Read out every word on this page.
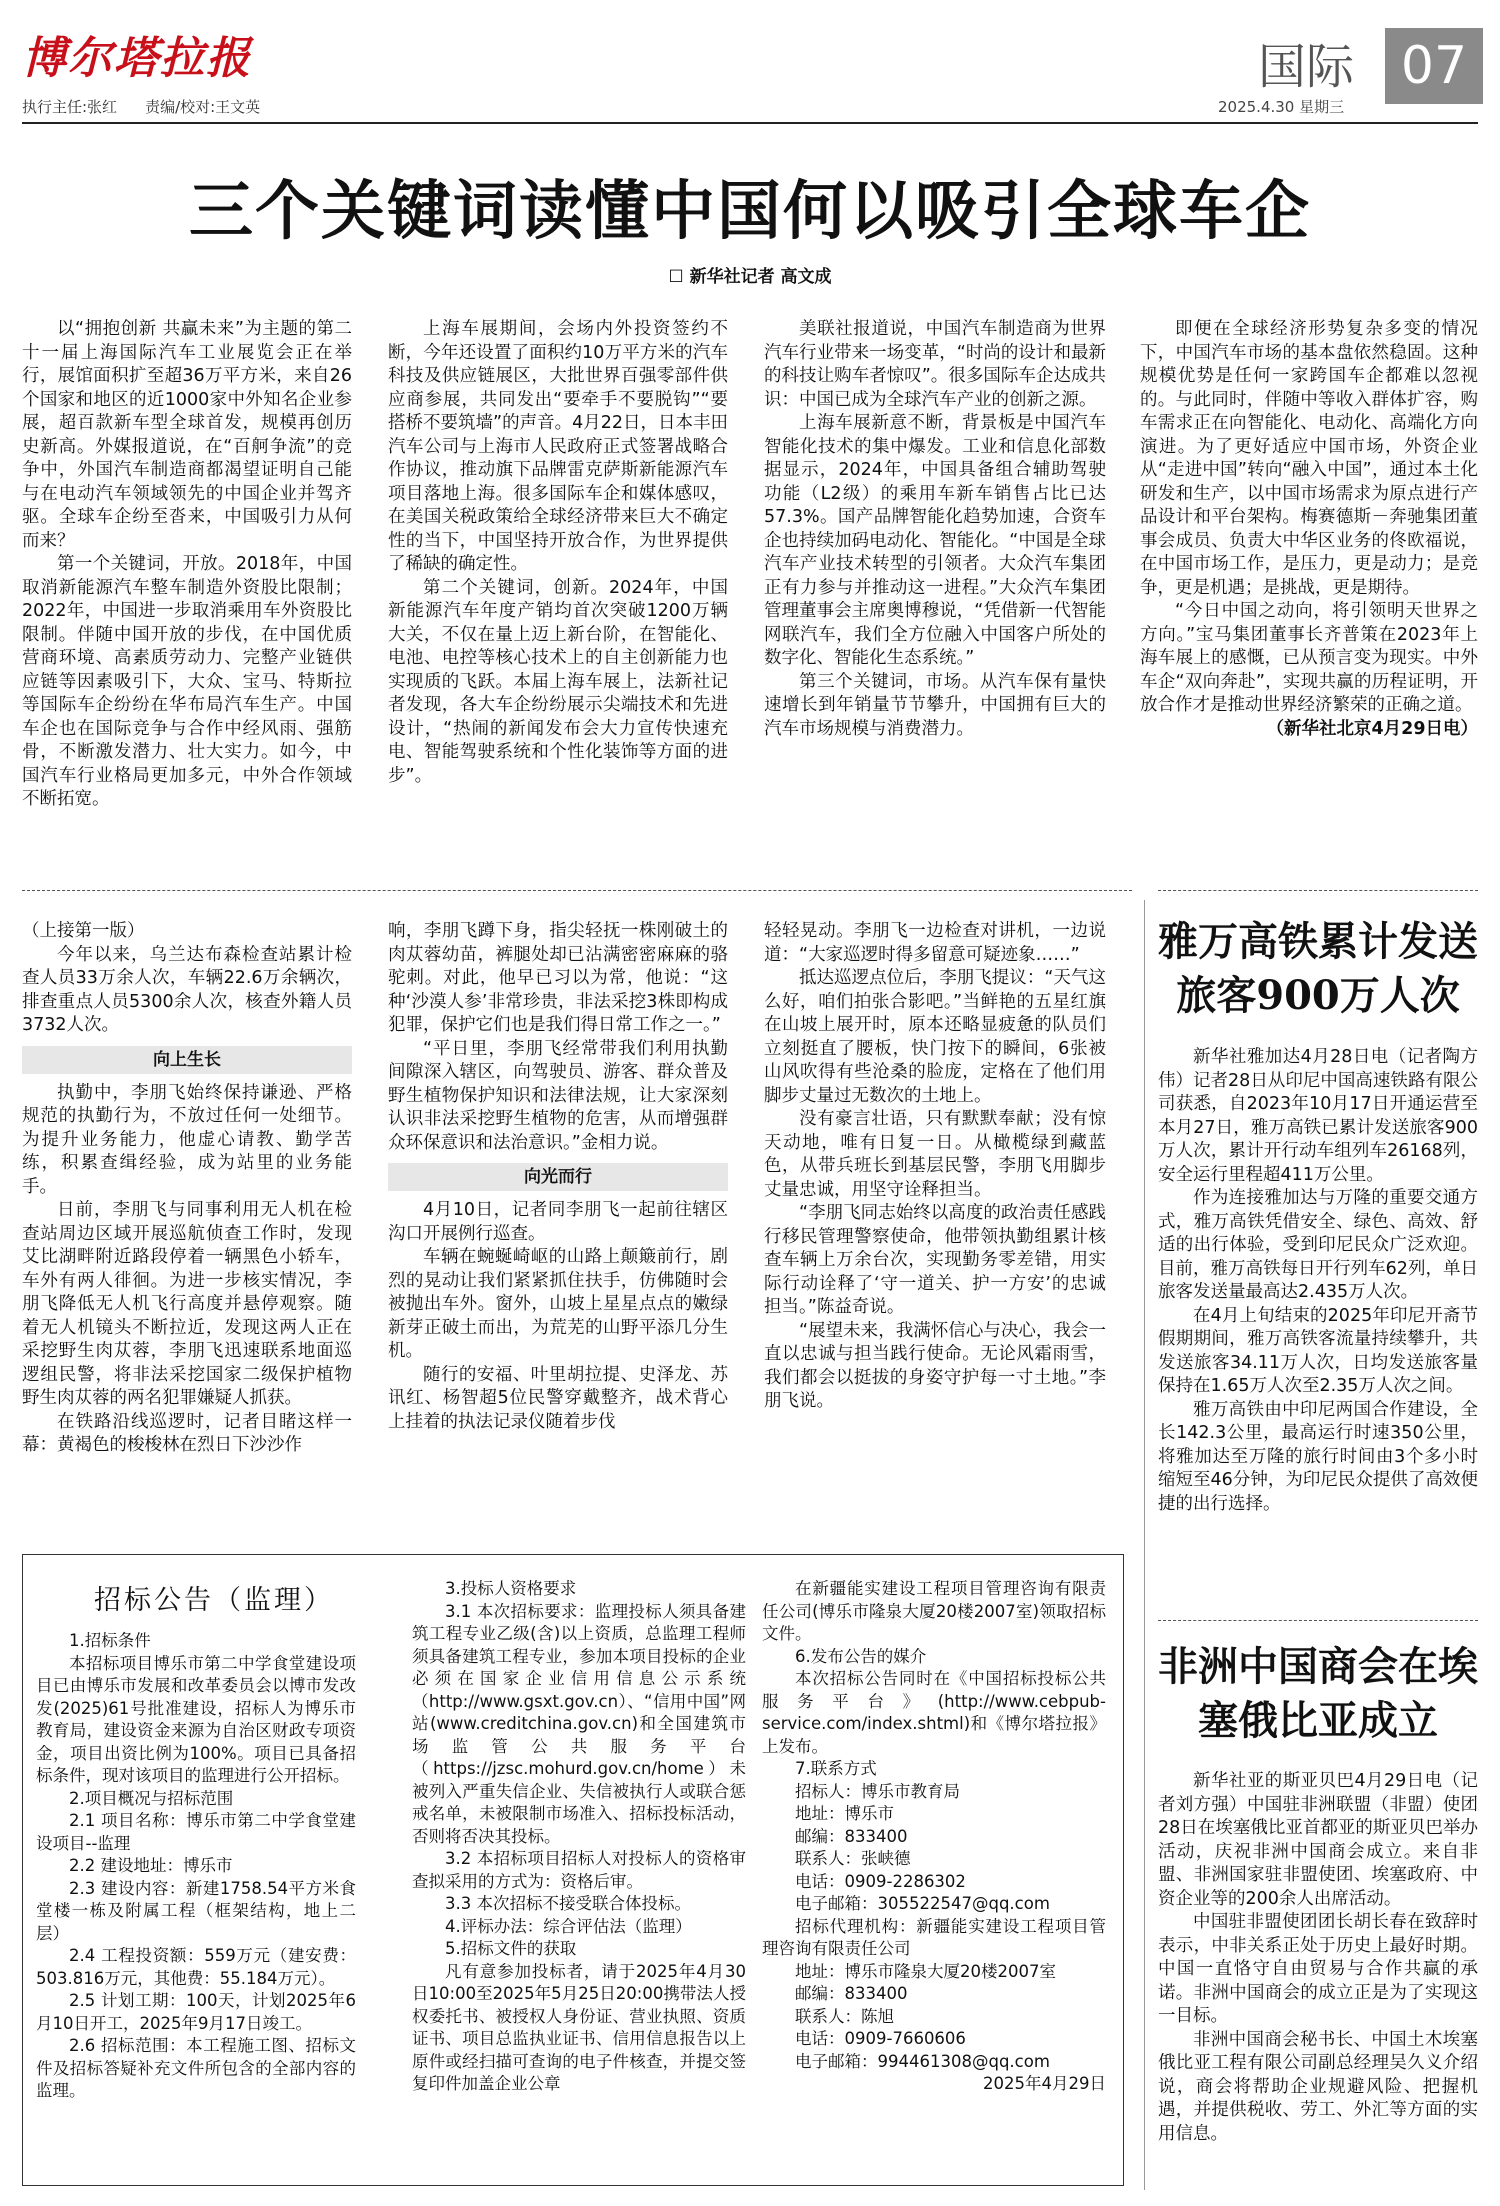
博尔塔拉报
执行主任:张红 责编/校对:王文英
国际 07
2025.4.30 星期三
三个关键词读懂中国何以吸引全球车企
☐ 新华社记者 高文成

以“拥抱创新 共赢未来”为主题的第二十一届上海国际汽车工业展览会正在举行，展馆面积扩至超36万平方米，来自26个国家和地区的近1000家中外知名企业参展，超百款新车型全球首发，规模再创历史新高。外媒报道说，在“百舸争流”的竞争中，外国汽车制造商都渴望证明自己能与在电动汽车领域领先的中国企业并驾齐驱。全球车企纷至沓来，中国吸引力从何而来？

第一个关键词，开放。2018年，中国取消新能源汽车整车制造外资股比限制；2022年，中国进一步取消乘用车外资股比限制。伴随中国开放的步伐，在中国优质营商环境、高素质劳动力、完整产业链供应链等因素吸引下，大众、宝马、特斯拉等国际车企纷纷在华布局汽车生产。中国车企也在国际竞争与合作中经风雨、强筋骨，不断激发潜力、壮大实力。如今，中国汽车行业格局更加多元，中外合作领域不断拓宽。

上海车展期间，会场内外投资签约不断，今年还设置了面积约10万平方米的汽车科技及供应链展区，大批世界百强零部件供应商参展，共同发出“要牵手不要脱钩”“要搭桥不要筑墙”的声音。4月22日，日本丰田汽车公司与上海市人民政府正式签署战略合作协议，推动旗下品牌雷克萨斯新能源汽车项目落地上海。很多国际车企和媒体感叹，在美国关税政策给全球经济带来巨大不确定性的当下，中国坚持开放合作，为世界提供了稀缺的确定性。

第二个关键词，创新。2024年，中国新能源汽车年度产销均首次突破1200万辆大关，不仅在量上迈上新台阶，在智能化、电池、电控等核心技术上的自主创新能力也实现质的飞跃。本届上海车展上，法新社记者发现，各大车企纷纷展示尖端技术和先进设计，“热闹的新闻发布会大力宣传快速充电、智能驾驶系统和个性化装饰等方面的进步”。

美联社报道说，中国汽车制造商为世界汽车行业带来一场变革，“时尚的设计和最新的科技让购车者惊叹”。很多国际车企达成共识：中国已成为全球汽车产业的创新之源。

上海车展新意不断，背景板是中国汽车智能化技术的集中爆发。工业和信息化部数据显示，2024年，中国具备组合辅助驾驶功能（L2级）的乘用车新车销售占比已达57.3%。国产品牌智能化趋势加速，合资车企也持续加码电动化、智能化。“中国是全球汽车产业技术转型的引领者。大众汽车集团正有力参与并推动这一进程。”大众汽车集团管理董事会主席奥博穆说，“凭借新一代智能网联汽车，我们全方位融入中国客户所处的数字化、智能化生态系统。”

第三个关键词，市场。从汽车保有量快速增长到年销量节节攀升，中国拥有巨大的汽车市场规模与消费潜力。

即便在全球经济形势复杂多变的情况下，中国汽车市场的基本盘依然稳固。这种规模优势是任何一家跨国车企都难以忽视的。与此同时，伴随中等收入群体扩容，购车需求正在向智能化、电动化、高端化方向演进。为了更好适应中国市场，外资企业从“走进中国”转向“融入中国”，通过本土化研发和生产，以中国市场需求为原点进行产品设计和平台架构。梅赛德斯－奔驰集团董事会成员、负责大中华区业务的佟欧福说，在中国市场工作，是压力，更是动力；是竞争，更是机遇；是挑战，更是期待。

“今日中国之动向，将引领明天世界之方向。”宝马集团董事长齐普策在2023年上海车展上的感慨，已从预言变为现实。中外车企“双向奔赴”，实现共赢的历程证明，开放合作才是推动世界经济繁荣的正确之道。

（新华社北京4月29日电）

（上接第一版）

今年以来，乌兰达布森检查站累计检查人员33万余人次，车辆22.6万余辆次，排查重点人员5300余人次，核查外籍人员3732人次。

向上生长

执勤中，李朋飞始终保持谦逊、严格规范的执勤行为，不放过任何一处细节。为提升业务能力，他虚心请教、勤学苦练，积累查缉经验，成为站里的业务能手。

日前，李朋飞与同事利用无人机在检查站周边区域开展巡航侦查工作时，发现艾比湖畔附近路段停着一辆黑色小轿车，车外有两人徘徊。为进一步核实情况，李朋飞降低无人机飞行高度并悬停观察。随着无人机镜头不断拉近，发现这两人正在采挖野生肉苁蓉，李朋飞迅速联系地面巡逻组民警，将非法采挖国家二级保护植物野生肉苁蓉的两名犯罪嫌疑人抓获。

在铁路沿线巡逻时，记者目睹这样一幕：黄褐色的梭梭林在烈日下沙沙作

响，李朋飞蹲下身，指尖轻抚一株刚破土的肉苁蓉幼苗，裤腿处却已沾满密密麻麻的骆驼刺。对此，他早已习以为常，他说：“这种‘沙漠人参’非常珍贵，非法采挖3株即构成犯罪，保护它们也是我们得日常工作之一。”

“平日里，李朋飞经常带我们利用执勤间隙深入辖区，向驾驶员、游客、群众普及野生植物保护知识和法律法规，让大家深刻认识非法采挖野生植物的危害，从而增强群众环保意识和法治意识。”金相力说。

向光而行

4月10日，记者同李朋飞一起前往辖区沟口开展例行巡查。

车辆在蜿蜒崎岖的山路上颠簸前行，剧烈的晃动让我们紧紧抓住扶手，仿佛随时会被抛出车外。窗外，山坡上星星点点的嫩绿新芽正破土而出，为荒芜的山野平添几分生机。

随行的安福、叶里胡拉提、史泽龙、苏讯红、杨智超5位民警穿戴整齐，战术背心上挂着的执法记录仪随着步伐

轻轻晃动。李朋飞一边检查对讲机，一边说道：“大家巡逻时得多留意可疑迹象……”

抵达巡逻点位后，李朋飞提议：“天气这么好，咱们拍张合影吧。”当鲜艳的五星红旗在山坡上展开时，原本还略显疲惫的队员们立刻挺直了腰板，快门按下的瞬间，6张被山风吹得有些沧桑的脸庞，定格在了他们用脚步丈量过无数次的土地上。

没有豪言壮语，只有默默奉献；没有惊天动地，唯有日复一日。从橄榄绿到藏蓝色，从带兵班长到基层民警，李朋飞用脚步丈量忠诚，用坚守诠释担当。

“李朋飞同志始终以高度的政治责任感践行移民管理警察使命，他带领执勤组累计核查车辆上万余台次，实现勤务零差错，用实际行动诠释了‘守一道关、护一方安’的忠诚担当。”陈益奇说。

“展望未来，我满怀信心与决心，我会一直以忠诚与担当践行使命。无论风霜雨雪，我们都会以挺拔的身姿守护每一寸土地。”李朋飞说。

雅万高铁累计发送旅客900万人次

新华社雅加达4月28日电（记者陶方伟）记者28日从印尼中国高速铁路有限公司获悉，自2023年10月17日开通运营至本月27日，雅万高铁已累计发送旅客900万人次，累计开行动车组列车26168列，安全运行里程超411万公里。

作为连接雅加达与万隆的重要交通方式，雅万高铁凭借安全、绿色、高效、舒适的出行体验，受到印尼民众广泛欢迎。目前，雅万高铁每日开行列车62列，单日旅客发送量最高达2.435万人次。

在4月上旬结束的2025年印尼开斋节假期期间，雅万高铁客流量持续攀升，共发送旅客34.11万人次，日均发送旅客量保持在1.65万人次至2.35万人次之间。

雅万高铁由中印尼两国合作建设，全长142.3公里，最高运行时速350公里，将雅加达至万隆的旅行时间由3个多小时缩短至46分钟，为印尼民众提供了高效便捷的出行选择。

非洲中国商会在埃塞俄比亚成立

新华社亚的斯亚贝巴4月29日电（记者刘方强）中国驻非洲联盟（非盟）使团28日在埃塞俄比亚首都亚的斯亚贝巴举办活动，庆祝非洲中国商会成立。来自非盟、非洲国家驻非盟使团、埃塞政府、中资企业等的200余人出席活动。

中国驻非盟使团团长胡长春在致辞时表示，中非关系正处于历史上最好时期。中国一直恪守自由贸易与合作共赢的承诺。非洲中国商会的成立正是为了实现这一目标。

非洲中国商会秘书长、中国土木埃塞俄比亚工程有限公司副总经理吴久义介绍说，商会将帮助企业规避风险、把握机遇，并提供税收、劳工、外汇等方面的实用信息。

招标公告（监理）

1.招标条件

本招标项目博乐市第二中学食堂建设项目已由博乐市发展和改革委员会以博市发改发(2025)61号批准建设，招标人为博乐市教育局，建设资金来源为自治区财政专项资金，项目出资比例为100%。项目已具备招标条件，现对该项目的监理进行公开招标。

2.项目概况与招标范围

2.1 项目名称：博乐市第二中学食堂建设项目--监理

2.2 建设地址：博乐市

2.3 建设内容：新建1758.54平方米食堂楼一栋及附属工程（框架结构，地上二层）

2.4 工程投资额：559万元（建安费：503.816万元，其他费：55.184万元）。

2.5 计划工期：100天，计划2025年6月10日开工，2025年9月17日竣工。

2.6 招标范围：本工程施工图、招标文件及招标答疑补充文件所包含的全部内容的监理。

3.投标人资格要求

3.1 本次招标要求：监理投标人须具备建筑工程专业乙级(含)以上资质，总监理工程师须具备建筑工程专业，参加本项目投标的企业必须在国家企业信用信息公示系统（http://www.gsxt.gov.cn）、“信用中国”网站(www.creditchina.gov.cn)和全国建筑市场监管公共服务平台（https://jzsc.mohurd.gov.cn/home）未被列入严重失信企业、失信被执行人或联合惩戒名单，未被限制市场准入、招标投标活动，否则将否决其投标。

3.2 本招标项目招标人对投标人的资格审查拟采用的方式为：资格后审。

3.3 本次招标不接受联合体投标。

4.评标办法：综合评估法（监理）

5.招标文件的获取

凡有意参加投标者，请于2025年4月30日10:00至2025年5月25日20:00携带法人授权委托书、被授权人身份证、营业执照、资质证书、项目总监执业证书、信用信息报告以上原件或经扫描可查询的电子件核查，并提交签复印件加盖企业公章

在新疆能实建设工程项目管理咨询有限责任公司(博乐市隆泉大厦20楼2007室)领取招标文件。

6.发布公告的媒介

本次招标公告同时在《中国招标投标公共服务平台》(http://www.cebpub-service.com/index.shtml)和《博尔塔拉报》上发布。

7.联系方式

招标人：博乐市教育局

地址：博乐市

邮编：833400

联系人：张峡德

电话：0909-2286302

电子邮箱：305522547@qq.com

招标代理机构：新疆能实建设工程项目管理咨询有限责任公司

地址：博乐市隆泉大厦20楼2007室

邮编：833400

联系人：陈旭

电话：0909-7660606

电子邮箱：994461308@qq.com

2025年4月29日
